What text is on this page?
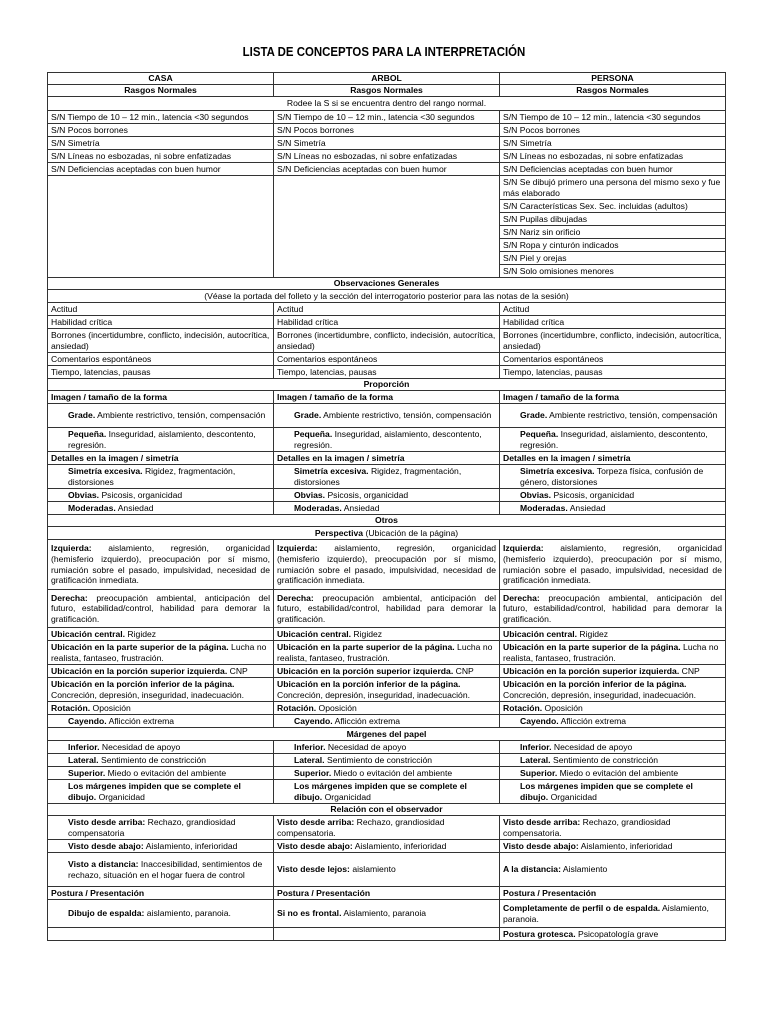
LISTA DE CONCEPTOS PARA LA INTERPRETACIÓN
CASA	ARBOL	PERSONA
Rasgos Normales	Rasgos Normales	Rasgos Normales
Rodee la S si se encuentra dentro del rango normal.		
S/N Tiempo de 10 – 12 min., latencia <30 segundos	S/N Tiempo de 10 – 12 min., latencia <30 segundos	S/N Tiempo de 10 – 12 min., latencia <30 segundos
S/N Pocos borrones	S/N Pocos borrones	S/N Pocos borrones
S/N Simetría	S/N Simetría	S/N Simetría
S/N Líneas no esbozadas, ni sobre enfatizadas	S/N Líneas no esbozadas, ni sobre enfatizadas	S/N Líneas no esbozadas, ni sobre enfatizadas
S/N Deficiencias aceptadas con buen humor	S/N Deficiencias aceptadas con buen humor	S/N Deficiencias aceptadas con buen humor
		S/N Se dibujó primero una persona del mismo sexo y fue más elaborado
		S/N Características Sex. Sec. incluidas (adultos)
		S/N Pupilas dibujadas
		S/N Nariz sin orificio
		S/N Ropa y cinturón indicados
		S/N Piel y orejas
		S/N Solo omisiones menores
Observaciones Generales		
(Véase la portada del folleto y la sección del interrogatorio posterior para las notas de la sesión)		
Actitud	Actitud	Actitud
Habilidad crítica	Habilidad crítica	Habilidad crítica
Borrones (incertidumbre, conflicto, indecisión, autocrítica, ansiedad)	Borrones (incertidumbre, conflicto, indecisión, autocrítica, ansiedad)	Borrones (incertidumbre, conflicto, indecisión, autocrítica, ansiedad)
Comentarios espontáneos	Comentarios espontáneos	Comentarios espontáneos
Tiempo, latencias, pausas	Tiempo, latencias, pausas	Tiempo, latencias, pausas
Proporción		
Imagen / tamaño de la forma	Imagen / tamaño de la forma	Imagen / tamaño de la forma
Grade. Ambiente restrictivo, tensión, compensación	Grade. Ambiente restrictivo, tensión, compensación	Grade. Ambiente restrictivo, tensión, compensación
Pequeña. Inseguridad, aislamiento, descontento, regresión.	Pequeña. Inseguridad, aislamiento, descontento, regresión.	Pequeña. Inseguridad, aislamiento, descontento, regresión.
Detalles en la imagen / simetría	Detalles en la imagen / simetría	Detalles en la imagen / simetría
Simetría excesiva. Rigidez, fragmentación, distorsiones	Simetría excesiva. Rigidez, fragmentación, distorsiones	Simetría excesiva. Torpeza física, confusión de género, distorsiones
Obvias. Psicosis, organicidad	Obvias. Psicosis, organicidad	Obvias. Psicosis, organicidad
Moderadas. Ansiedad	Moderadas. Ansiedad	Moderadas. Ansiedad
Otros		
Perspectiva (Ubicación de la página)		
Izquierda: aislamiento, regresión, organicidad (hemisferio izquierdo), preocupación por sí mismo, rumiación sobre el pasado, impulsividad, necesidad de gratificación inmediata.	Izquierda: aislamiento, regresión, organicidad (hemisferio izquierdo), preocupación por sí mismo, rumiación sobre el pasado, impulsividad, necesidad de gratificación inmediata.	Izquierda: aislamiento, regresión, organicidad (hemisferio izquierdo), preocupación por sí mismo, rumiación sobre el pasado, impulsividad, necesidad de gratificación inmediata.
Derecha: preocupación ambiental, anticipación del futuro, estabilidad/control, habilidad para demorar la gratificación.	Derecha: preocupación ambiental, anticipación del futuro, estabilidad/control, habilidad para demorar la gratificación.	Derecha: preocupación ambiental, anticipación del futuro, estabilidad/control, habilidad para demorar la gratificación.
Ubicación central. Rigidez	Ubicación central. Rigidez	Ubicación central. Rigidez
Ubicación en la parte superior de la página. Lucha no realista, fantaseo, frustración.	Ubicación en la parte superior de la página. Lucha no realista, fantaseo, frustración.	Ubicación en la parte superior de la página. Lucha no realista, fantaseo, frustración.
Ubicación en la porción superior izquierda. CNP	Ubicación en la porción superior izquierda. CNP	Ubicación en la porción superior izquierda. CNP
Ubicación en la porción inferior de la página. Concreción, depresión, inseguridad, inadecuación.	Ubicación en la porción inferior de la página. Concreción, depresión, inseguridad, inadecuación.	Ubicación en la porción inferior de la página. Concreción, depresión, inseguridad, inadecuación.
Rotación. Oposición	Rotación. Oposición	Rotación. Oposición
Cayendo. Aflicción extrema	Cayendo. Aflicción extrema	Cayendo. Aflicción extrema
Márgenes del papel		
Inferior. Necesidad de apoyo	Inferior. Necesidad de apoyo	Inferior. Necesidad de apoyo
Lateral. Sentimiento de constricción	Lateral. Sentimiento de constricción	Lateral. Sentimiento de constricción
Superior. Miedo o evitación del ambiente	Superior. Miedo o evitación del ambiente	Superior. Miedo o evitación del ambiente
Los márgenes impiden que se complete el dibujo. Organicidad	Los márgenes impiden que se complete el dibujo. Organicidad	Los márgenes impiden que se complete el dibujo. Organicidad
Relación con el observador		
Visto desde arriba: Rechazo, grandiosidad compensatoria	Visto desde arriba: Rechazo, grandiosidad compensatoria.	Visto desde arriba: Rechazo, grandiosidad compensatoria.
Visto desde abajo: Aislamiento, inferioridad	Visto desde abajo: Aislamiento, inferioridad	Visto desde abajo: Aislamiento, inferioridad
Visto a distancia: Inaccesibilidad, sentimientos de rechazo, situación en el hogar fuera de control	Visto desde lejos: aislamiento	A la distancia: Aislamiento
Postura / Presentación	Postura / Presentación	Postura / Presentación
Dibujo de espalda: aislamiento, paranoia.	Si no es frontal. Aislamiento, paranoia	Completamente de perfil o de espalda. Aislamiento, paranoia.
		Postura grotesca. Psicopatología grave
